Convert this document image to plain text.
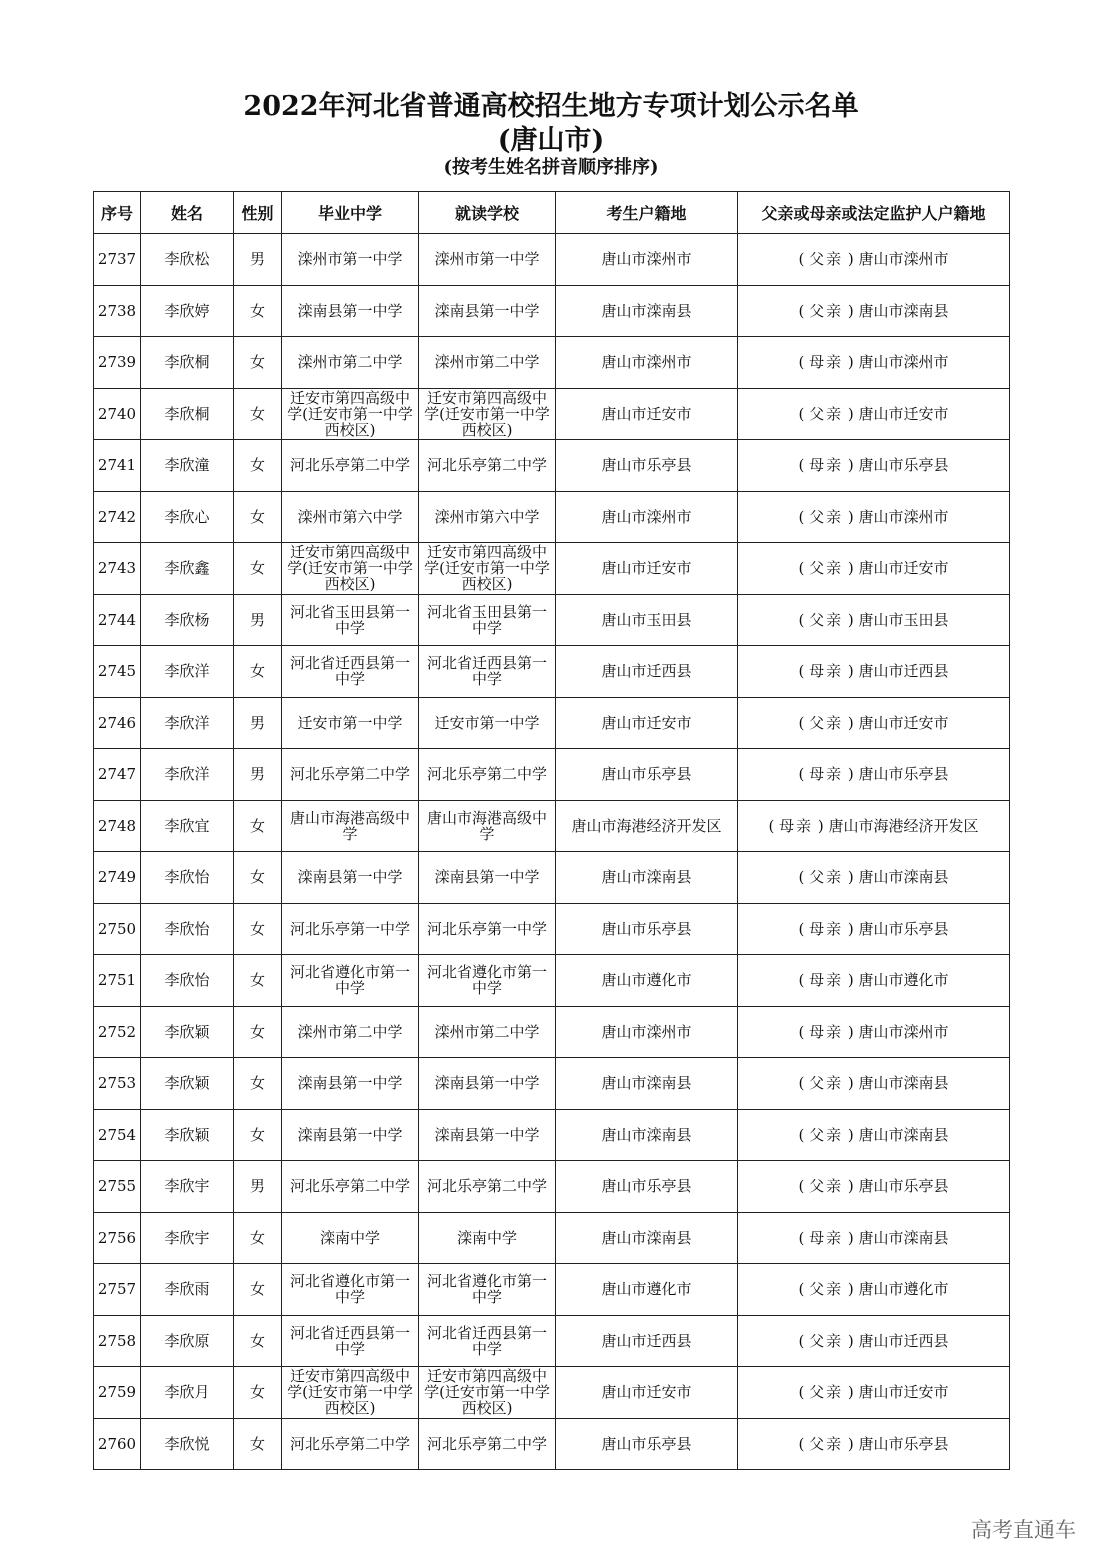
2022年河北省普通高校招生地方专项计划公示名单
(唐山市)
(按考生姓名拼音顺序排序)
序号	姓名	性别	毕业中学	就读学校	考生户籍地	父亲或母亲或法定监护人户籍地
2737	李欣松	男	滦州市第一中学	滦州市第一中学	唐山市滦州市	( 父亲 ) 唐山市滦州市
2738	李欣婷	女	滦南县第一中学	滦南县第一中学	唐山市滦南县	( 父亲 ) 唐山市滦南县
2739	李欣桐	女	滦州市第二中学	滦州市第二中学	唐山市滦州市	( 母亲 ) 唐山市滦州市
2740	李欣桐	女	迁安市第四高级中学(迁安市第一中学西校区)	迁安市第四高级中学(迁安市第一中学西校区)	唐山市迁安市	( 父亲 ) 唐山市迁安市
2741	李欣潼	女	河北乐亭第二中学	河北乐亭第二中学	唐山市乐亭县	( 母亲 ) 唐山市乐亭县
2742	李欣心	女	滦州市第六中学	滦州市第六中学	唐山市滦州市	( 父亲 ) 唐山市滦州市
2743	李欣鑫	女	迁安市第四高级中学(迁安市第一中学西校区)	迁安市第四高级中学(迁安市第一中学西校区)	唐山市迁安市	( 父亲 ) 唐山市迁安市
2744	李欣杨	男	河北省玉田县第一中学	河北省玉田县第一中学	唐山市玉田县	( 父亲 ) 唐山市玉田县
2745	李欣洋	女	河北省迁西县第一中学	河北省迁西县第一中学	唐山市迁西县	( 母亲 ) 唐山市迁西县
2746	李欣洋	男	迁安市第一中学	迁安市第一中学	唐山市迁安市	( 父亲 ) 唐山市迁安市
2747	李欣洋	男	河北乐亭第二中学	河北乐亭第二中学	唐山市乐亭县	( 母亲 ) 唐山市乐亭县
2748	李欣宜	女	唐山市海港高级中学	唐山市海港高级中学	唐山市海港经济开发区	( 母亲 ) 唐山市海港经济开发区
2749	李欣怡	女	滦南县第一中学	滦南县第一中学	唐山市滦南县	( 父亲 ) 唐山市滦南县
2750	李欣怡	女	河北乐亭第一中学	河北乐亭第一中学	唐山市乐亭县	( 母亲 ) 唐山市乐亭县
2751	李欣怡	女	河北省遵化市第一中学	河北省遵化市第一中学	唐山市遵化市	( 母亲 ) 唐山市遵化市
2752	李欣颖	女	滦州市第二中学	滦州市第二中学	唐山市滦州市	( 母亲 ) 唐山市滦州市
2753	李欣颖	女	滦南县第一中学	滦南县第一中学	唐山市滦南县	( 父亲 ) 唐山市滦南县
2754	李欣颖	女	滦南县第一中学	滦南县第一中学	唐山市滦南县	( 父亲 ) 唐山市滦南县
2755	李欣宇	男	河北乐亭第二中学	河北乐亭第二中学	唐山市乐亭县	( 父亲 ) 唐山市乐亭县
2756	李欣宇	女	滦南中学	滦南中学	唐山市滦南县	( 母亲 ) 唐山市滦南县
2757	李欣雨	女	河北省遵化市第一中学	河北省遵化市第一中学	唐山市遵化市	( 父亲 ) 唐山市遵化市
2758	李欣原	女	河北省迁西县第一中学	河北省迁西县第一中学	唐山市迁西县	( 父亲 ) 唐山市迁西县
2759	李欣月	女	迁安市第四高级中学(迁安市第一中学西校区)	迁安市第四高级中学(迁安市第一中学西校区)	唐山市迁安市	( 父亲 ) 唐山市迁安市
2760	李欣悦	女	河北乐亭第二中学	河北乐亭第二中学	唐山市乐亭县	( 父亲 ) 唐山市乐亭县
高考直通车
